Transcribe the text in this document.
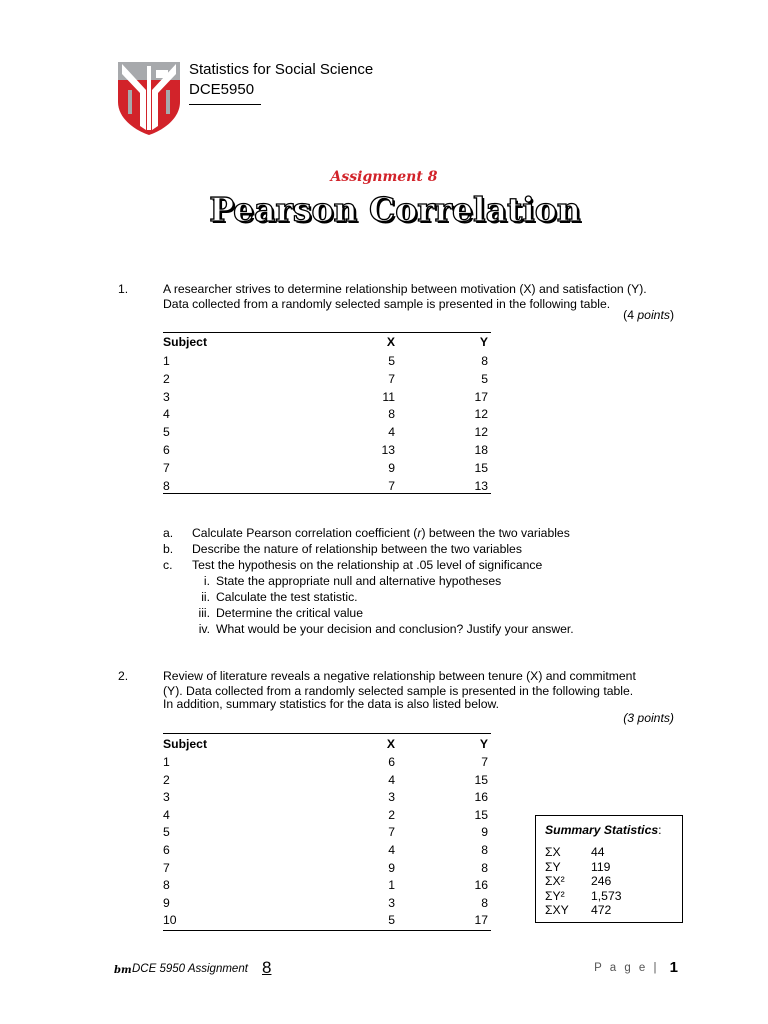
Statistics for Social Science
DCE5950
Assignment 8
Pearson Correlation
1.	A researcher strives to determine relationship between motivation (X) and satisfaction (Y).
Data collected from a randomly selected sample is presented in the following table.
(4 points)
Subject	X	Y
1	5	8
2	7	5
3	11	17
4	8	12
5	4	12
6	13	18
7	9	15
8	7	13
a. Calculate Pearson correlation coefficient (r) between the two variables
b. Describe the nature of relationship between the two variables
c. Test the hypothesis on the relationship at .05 level of significance
i. State the appropriate null and alternative hypotheses
ii. Calculate the test statistic.
iii. Determine the critical value
iv. What would be your decision and conclusion? Justify your answer.
2.	Review of literature reveals a negative relationship between tenure (X) and commitment
(Y). Data collected from a randomly selected sample is presented in the following table.
In addition, summary statistics for the data is also listed below.
(3 points)
Subject	X	Y
1	6	7
2	4	15
3	3	16
4	2	15
5	7	9
6	4	8
7	9	8
8	1	16
9	3	8
10	5	17
Summary Statistics:
ΣX 44
ΣY 119
ΣX² 246
ΣY² 1,573
ΣXY 472
bm DCE 5950 Assignment 8	P a g e | 1
